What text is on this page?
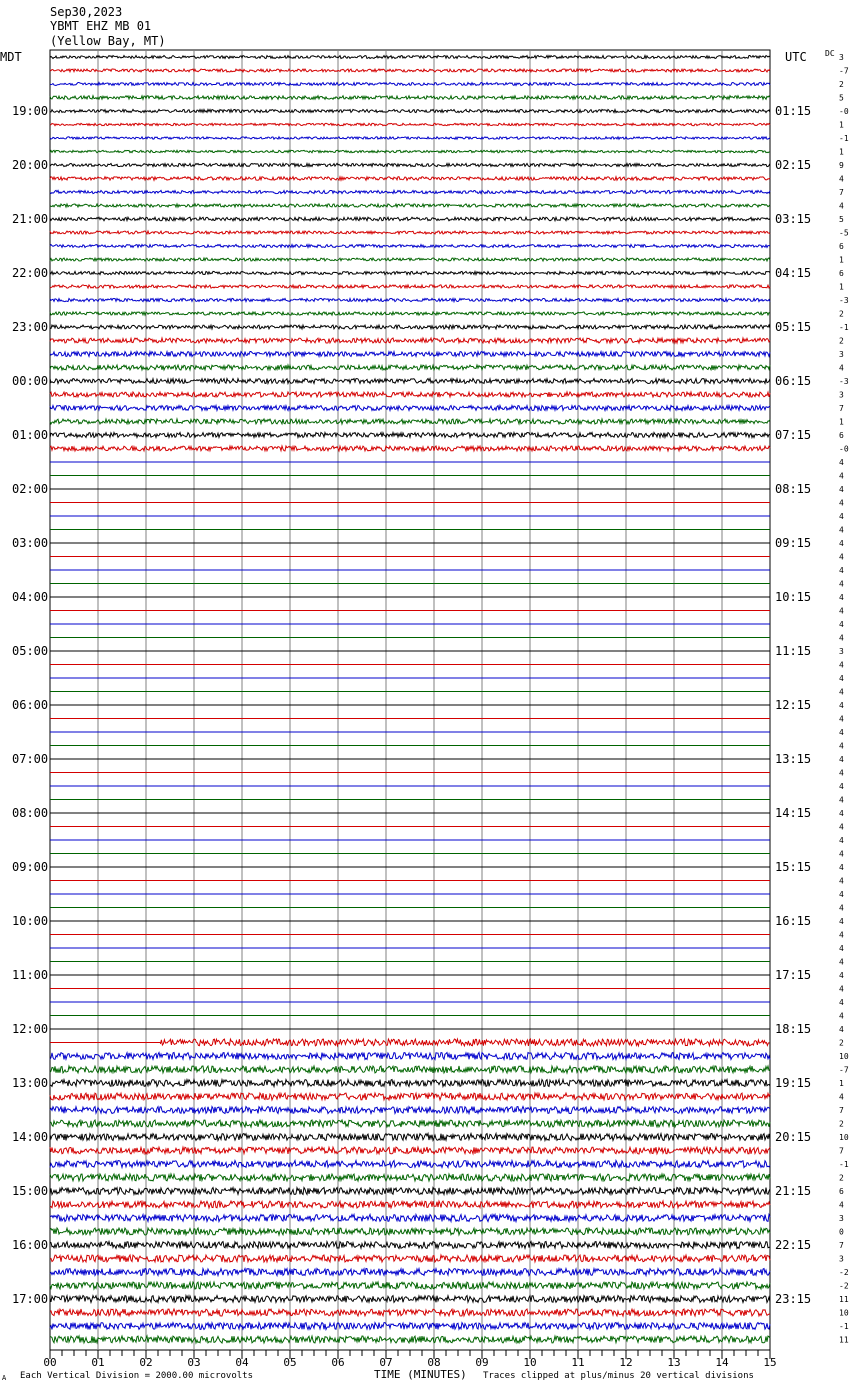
Sep30,2023
YBMT EHZ MB 01
(Yellow Bay, MT)
MDT	UTC DC 3
-7
2
5
-0
1
-1
1
9
4
7
4
5
-5
6
1
6
1
-3
2
-1
2
3
4
-3
3
7
1
6
-0
4
4
4
4
4
4
4
4
4
4
4
4
4
4
3
4
4
4
4
4
4
4
4
4
4
4
4
4
4
4
4
4
4
4
4
4
4
4
4
4
4
4
4
2
10
-7
1
4
7
2
10
7
-1
2
6
4
3
0
7
3
-2
-2
11
10
-1
11
19:00
20:00
21:00
22:00
23:00
00:00
01:00
02:00
03:00
04:00
05:00
06:00
07:00
08:00
09:00
10:00
11:00
12:00
13:00
14:00
15:00
16:00
17:00
01:15
02:15
03:15
04:15
05:15
06:15
07:15
08:15
09:15
10:15
11:15
12:15
13:15
14:15
15:15
16:15
17:15
18:15
19:15
20:15
21:15
22:15
23:15
00	01	02	03	04	05	06	07	08	09	10	11	12	13	14	15
A Each Vertical Division = 2000.00 microvolts	TIME (MINUTES) Traces clipped at plus/minus 20 vertical divisions
